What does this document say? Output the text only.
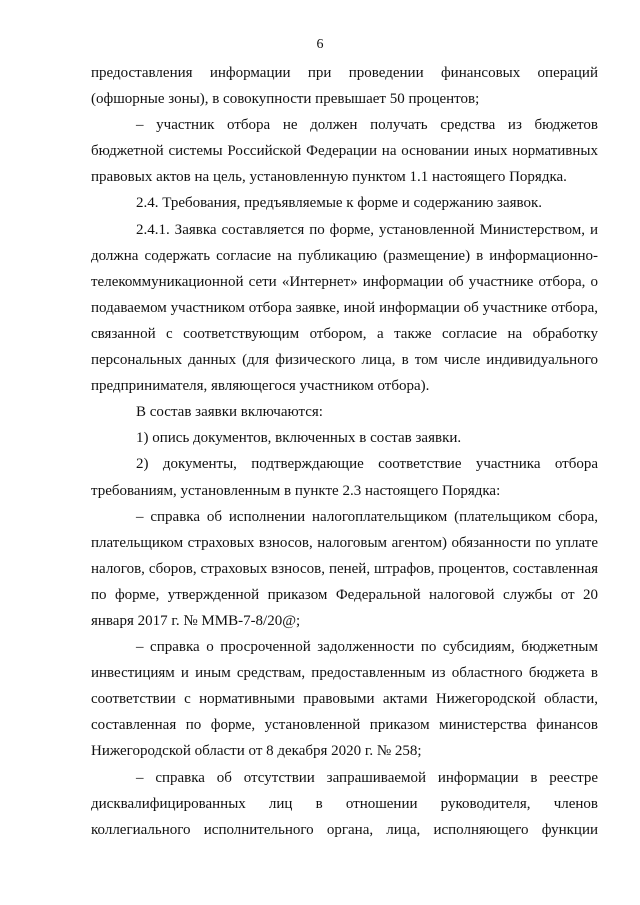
6

предоставления информации при проведении финансовых операций (офшорные зоны), в совокупности превышает 50 процентов;

– участник отбора не должен получать средства из бюджетов бюджетной системы Российской Федерации на основании иных нормативных правовых актов на цель, установленную пунктом 1.1 настоящего Порядка.

2.4. Требования, предъявляемые к форме и содержанию заявок.

2.4.1. Заявка составляется по форме, установленной Министерством, и должна содержать согласие на публикацию (размещение) в информационно-телекоммуникационной сети «Интернет» информации об участнике отбора, о подаваемом участником отбора заявке, иной информации об участнике отбора, связанной с соответствующим отбором, а также согласие на обработку персональных данных (для физического лица, в том числе индивидуального предпринимателя, являющегося участником отбора).

В состав заявки включаются:

1) опись документов, включенных в состав заявки.

2) документы, подтверждающие соответствие участника отбора требованиям, установленным в пункте 2.3 настоящего Порядка:

– справка об исполнении налогоплательщиком (плательщиком сбора, плательщиком страховых взносов, налоговым агентом) обязанности по уплате налогов, сборов, страховых взносов, пеней, штрафов, процентов, составленная по форме, утвержденной приказом Федеральной налоговой службы от 20 января 2017 г. № ММВ-7-8/20@;

– справка о просроченной задолженности по субсидиям, бюджетным инвестициям и иным средствам, предоставленным из областного бюджета в соответствии с нормативными правовыми актами Нижегородской области, составленная по форме, установленной приказом министерства финансов Нижегородской области от 8 декабря 2020 г. № 258;

– справка об отсутствии запрашиваемой информации в реестре дисквалифицированных лиц в отношении руководителя, членов коллегиального исполнительного органа, лица, исполняющего функции
